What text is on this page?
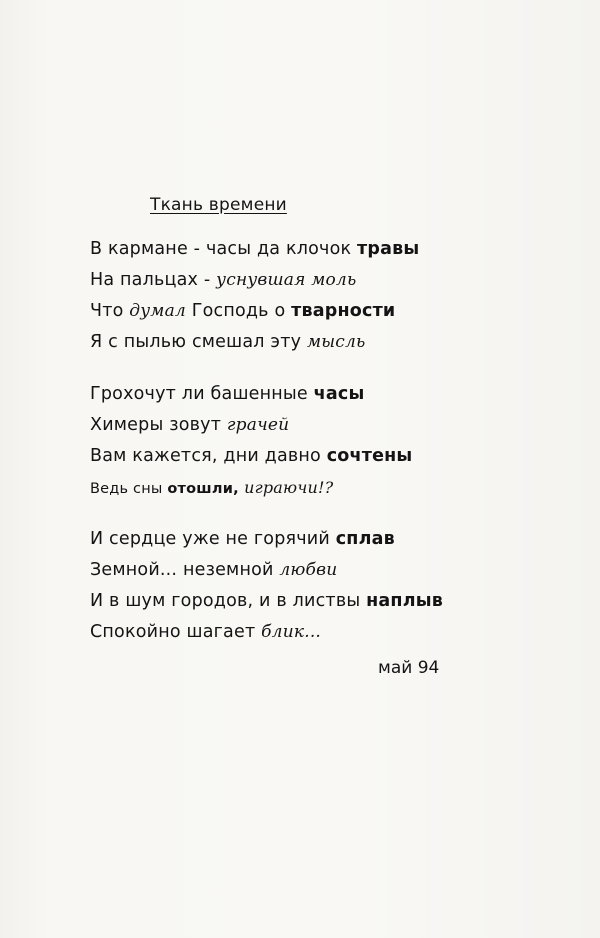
Ткань времени
В кармане - часы да клочок травы
На пальцах - уснувшая моль
Что думал Господь о тварности
Я с пылью смешал эту мысль
Грохочут ли башенные часы
Химеры зовут грачей
Вам кажется, дни давно сочтены
Ведь сны отошли, играючи!?
И сердце уже не горячий сплав
Земной... неземной любви
И в шум городов, и в листвы наплыв
Спокойно шагает блик...
май 94
